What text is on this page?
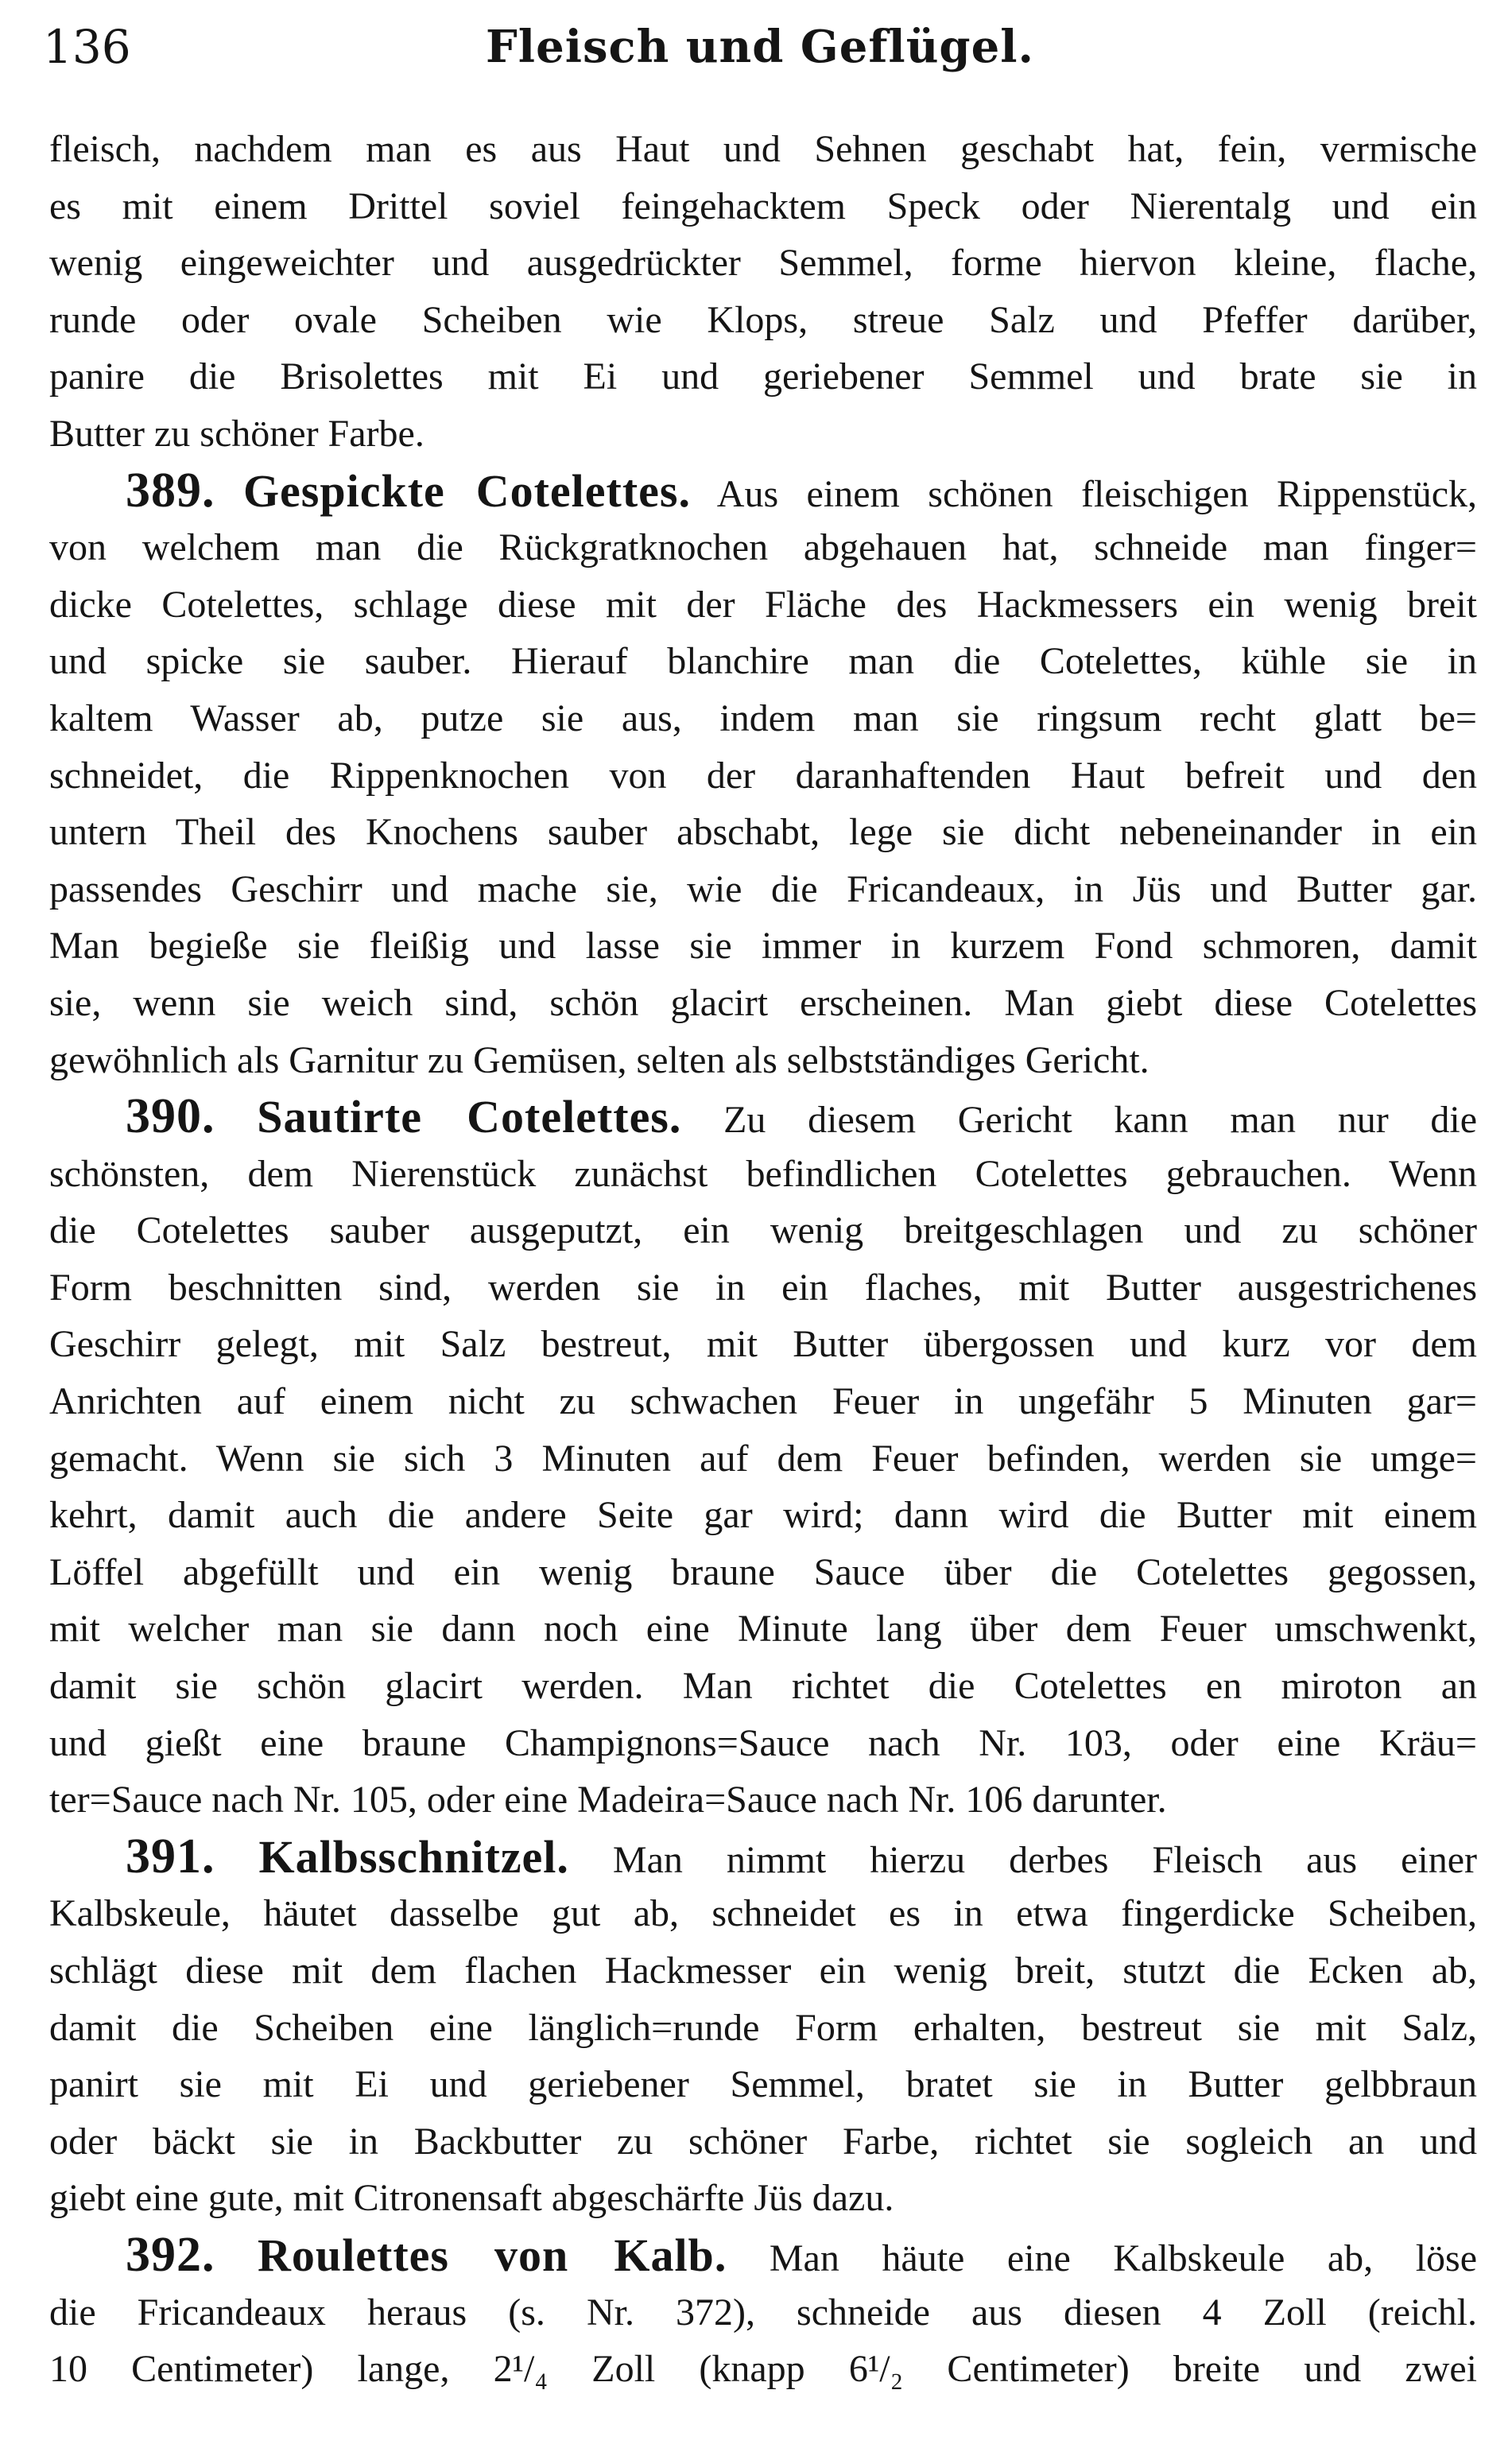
136	Fleisch und Geflügel.
fleisch, nachdem man es aus Haut und Sehnen geschabt hat, fein, vermische
es mit einem Drittel soviel feingehacktem Speck oder Nierentalg und ein
wenig eingeweichter und ausgedrückter Semmel, forme hiervon kleine, flache,
runde oder ovale Scheiben wie Klops, streue Salz und Pfeffer darüber,
panire die Brisolettes mit Ei und geriebener Semmel und brate sie in
Butter zu schöner Farbe.
389. Gespickte Cotelettes. Aus einem schönen fleischigen Rippenstück,
von welchem man die Rückgratknochen abgehauen hat, schneide man finger=
dicke Cotelettes, schlage diese mit der Fläche des Hackmessers ein wenig breit
und spicke sie sauber. Hierauf blanchire man die Cotelettes, kühle sie in
kaltem Wasser ab, putze sie aus, indem man sie ringsum recht glatt be=
schneidet, die Rippenknochen von der daranhaftenden Haut befreit und den
untern Theil des Knochens sauber abschabt, lege sie dicht nebeneinander in ein
passendes Geschirr und mache sie, wie die Fricandeaux, in Jüs und Butter gar.
Man begieße sie fleißig und lasse sie immer in kurzem Fond schmoren, damit
sie, wenn sie weich sind, schön glacirt erscheinen. Man giebt diese Cotelettes
gewöhnlich als Garnitur zu Gemüsen, selten als selbstständiges Gericht.
390. Sautirte Cotelettes. Zu diesem Gericht kann man nur die
schönsten, dem Nierenstück zunächst befindlichen Cotelettes gebrauchen. Wenn
die Cotelettes sauber ausgeputzt, ein wenig breitgeschlagen und zu schöner
Form beschnitten sind, werden sie in ein flaches, mit Butter ausgestrichenes
Geschirr gelegt, mit Salz bestreut, mit Butter übergossen und kurz vor dem
Anrichten auf einem nicht zu schwachen Feuer in ungefähr 5 Minuten gar=
gemacht. Wenn sie sich 3 Minuten auf dem Feuer befinden, werden sie umge=
kehrt, damit auch die andere Seite gar wird; dann wird die Butter mit einem
Löffel abgefüllt und ein wenig braune Sauce über die Cotelettes gegossen,
mit welcher man sie dann noch eine Minute lang über dem Feuer umschwenkt,
damit sie schön glacirt werden. Man richtet die Cotelettes en miroton an
und gießt eine braune Champignons=Sauce nach Nr. 103, oder eine Kräu=
ter=Sauce nach Nr. 105, oder eine Madeira=Sauce nach Nr. 106 darunter.
391. Kalbsschnitzel. Man nimmt hierzu derbes Fleisch aus einer
Kalbskeule, häutet dasselbe gut ab, schneidet es in etwa fingerdicke Scheiben,
schlägt diese mit dem flachen Hackmesser ein wenig breit, stutzt die Ecken ab,
damit die Scheiben eine länglich=runde Form erhalten, bestreut sie mit Salz,
panirt sie mit Ei und geriebener Semmel, bratet sie in Butter gelbbraun
oder bäckt sie in Backbutter zu schöner Farbe, richtet sie sogleich an und
giebt eine gute, mit Citronensaft abgeschärfte Jüs dazu.
392. Roulettes von Kalb. Man häute eine Kalbskeule ab, löse
die Fricandeaux heraus (s. Nr. 372), schneide aus diesen 4 Zoll (reichl.
10 Centimeter) lange, 2¹/₄ Zoll (knapp 6¹/₂ Centimeter) breite und zwei
